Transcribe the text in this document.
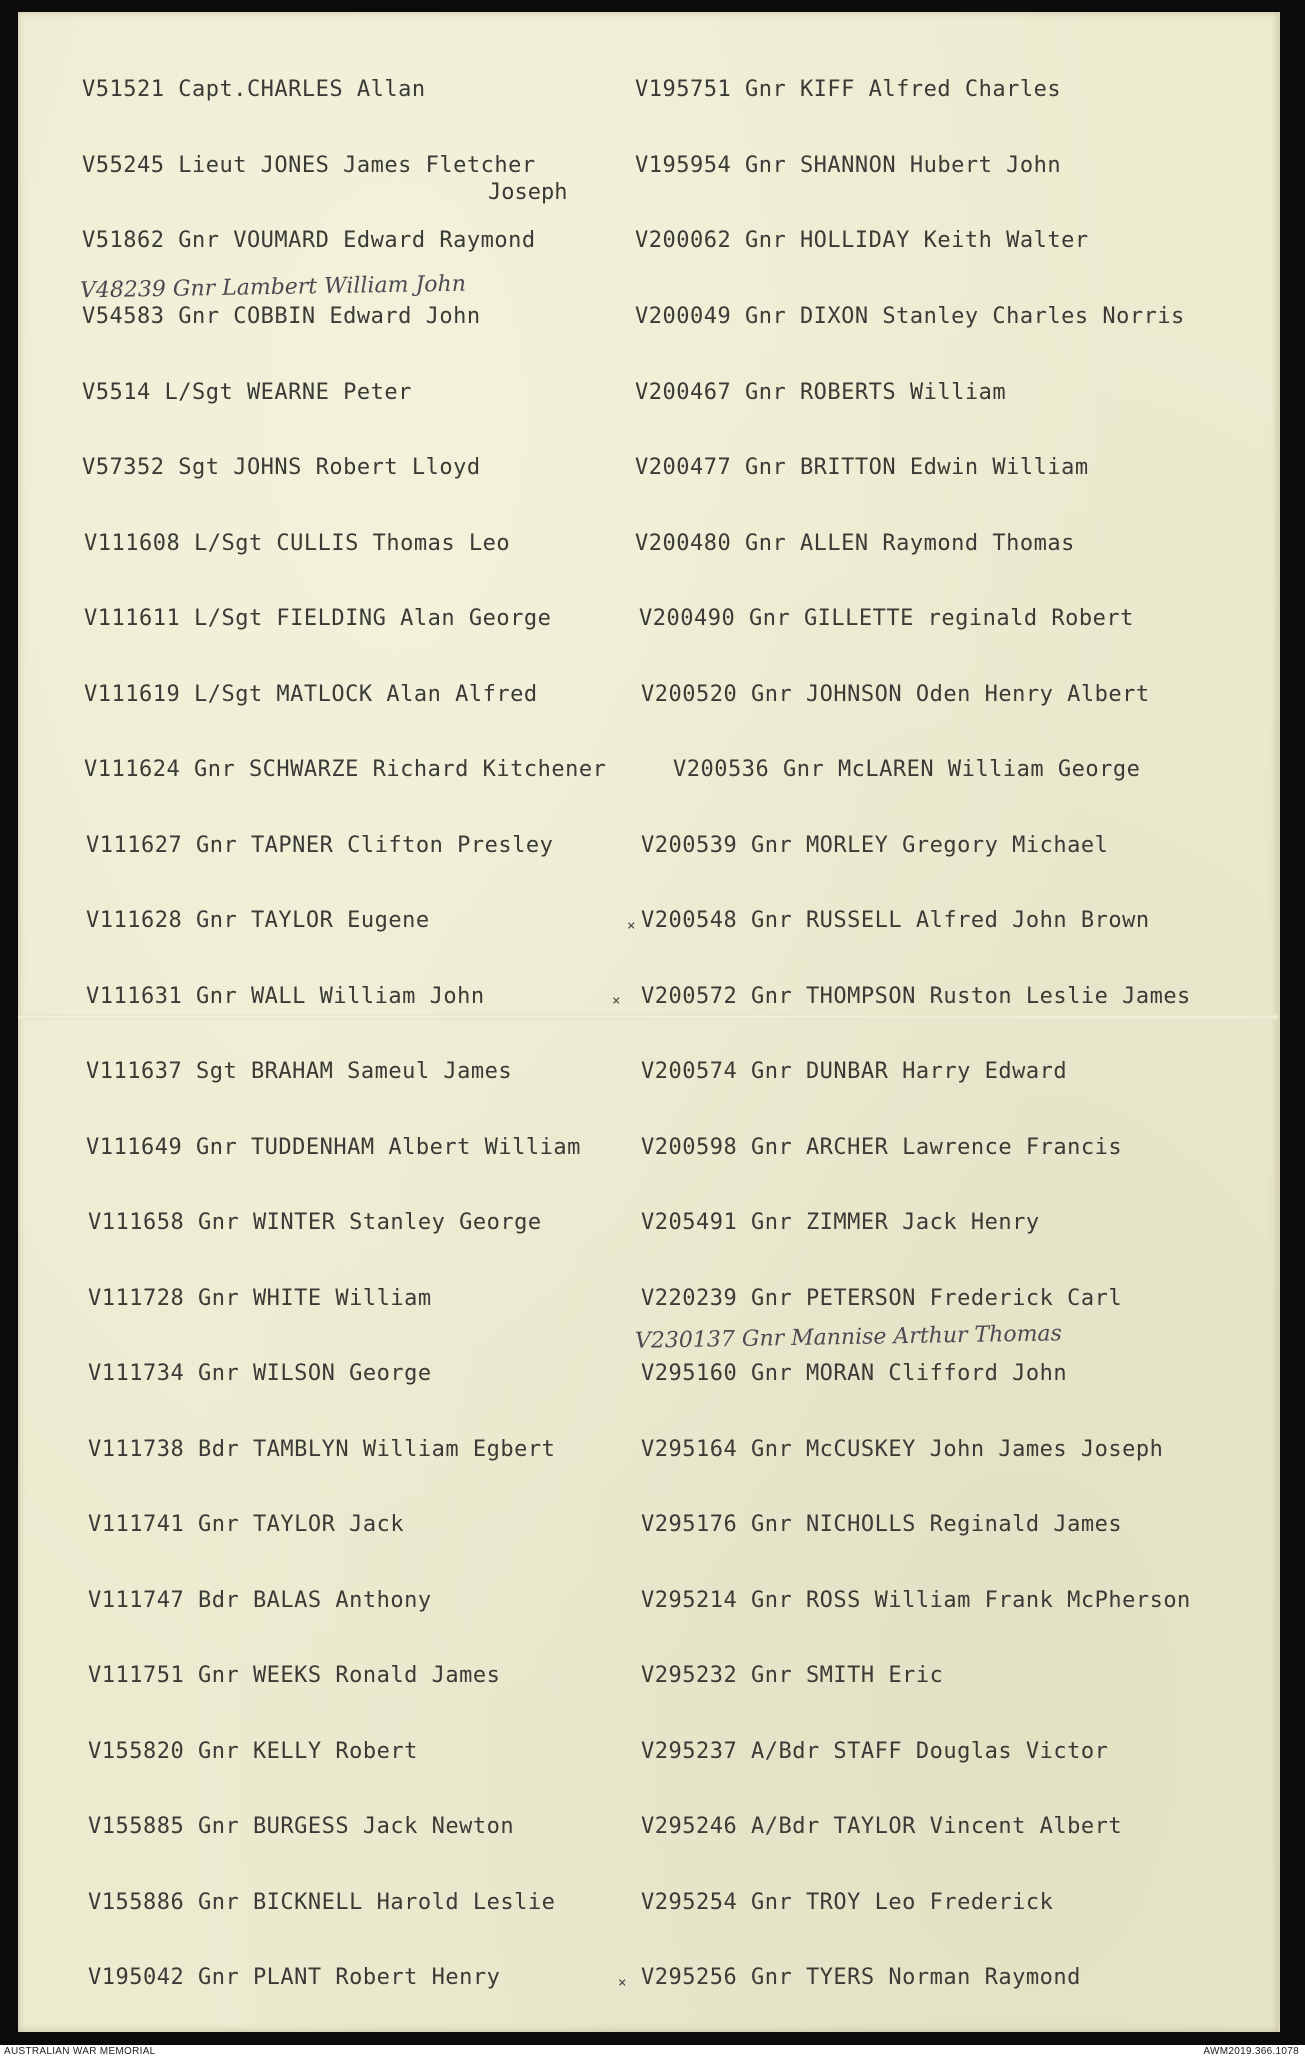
V51521 Capt.CHARLES Allan
V55245 Lieut JONES James Fletcher
V51862 Gnr VOUMARD Edward Raymond
V54583 Gnr COBBIN Edward John
V5514 L/Sgt WEARNE Peter
V57352 Sgt JOHNS Robert Lloyd
V111608 L/Sgt CULLIS Thomas Leo
V111611 L/Sgt FIELDING Alan George
V111619 L/Sgt MATLOCK Alan Alfred
V111624 Gnr SCHWARZE Richard Kitchener
V111627 Gnr TAPNER Clifton Presley
V111628 Gnr TAYLOR Eugene
V111631 Gnr WALL William John
V111637 Sgt BRAHAM Sameul James
V111649 Gnr TUDDENHAM Albert William
V111658 Gnr WINTER Stanley George
V111728 Gnr WHITE William
V111734 Gnr WILSON George
V111738 Bdr TAMBLYN William Egbert
V111741 Gnr TAYLOR Jack
V111747 Bdr BALAS Anthony
V111751 Gnr WEEKS Ronald James
V155820 Gnr KELLY Robert
V155885 Gnr BURGESS Jack Newton
V155886 Gnr BICKNELL Harold Leslie
V195042 Gnr PLANT Robert Henry
V195751 Gnr KIFF Alfred Charles
V195954 Gnr SHANNON Hubert John
V200062 Gnr HOLLIDAY Keith Walter
V200049 Gnr DIXON Stanley Charles Norris
V200467 Gnr ROBERTS William
V200477 Gnr BRITTON Edwin William
V200480 Gnr ALLEN Raymond Thomas
V200490 Gnr GILLETTE reginald Robert
V200520 Gnr JOHNSON Oden Henry Albert
V200536 Gnr McLAREN William George
V200539 Gnr MORLEY Gregory Michael
V200548 Gnr RUSSELL Alfred John Brown
V200572 Gnr THOMPSON Ruston Leslie James
V200574 Gnr DUNBAR Harry Edward
V200598 Gnr ARCHER Lawrence Francis
V205491 Gnr ZIMMER Jack Henry
V220239 Gnr PETERSON Frederick Carl
V295160 Gnr MORAN Clifford John
V295164 Gnr McCUSKEY John James Joseph
V295176 Gnr NICHOLLS Reginald James
V295214 Gnr ROSS William Frank McPherson
V295232 Gnr SMITH Eric
V295237 A/Bdr STAFF Douglas Victor
V295246 A/Bdr TAYLOR Vincent Albert
V295254 Gnr TROY Leo Frederick
V295256 Gnr TYERS Norman Raymond
Joseph
V48239 Gnr Lambert William John
V230137 Gnr Mannise Arthur Thomas
×
×
×
AUSTRALIAN WAR MEMORIAL	AWM2019.366.1078
